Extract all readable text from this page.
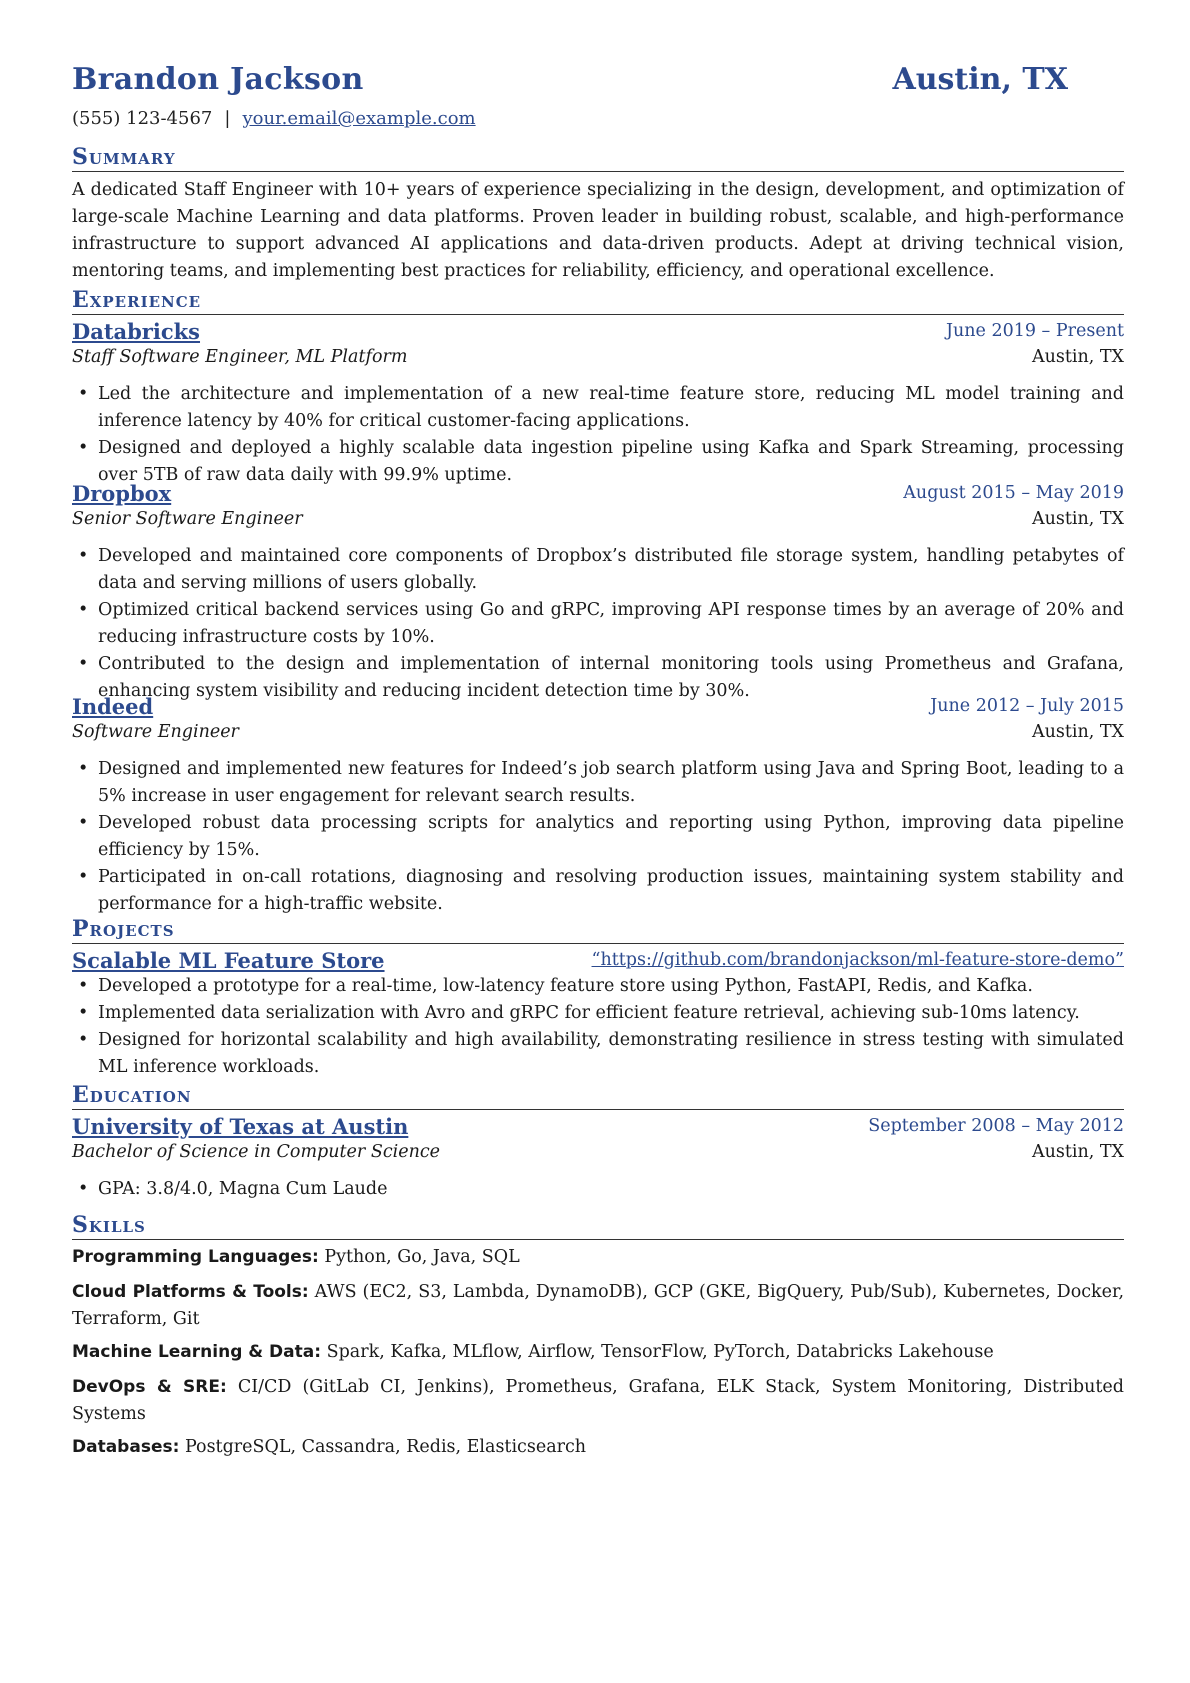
Brandon Jackson	Austin, TX
(555) 123-4567 | your.email@example.com
Summary
A dedicated Staff Engineer with 10+ years of experience specializing in the design, development, and optimization of large-scale Machine Learning and data platforms. Proven leader in building robust, scalable, and high-performance infrastructure to support advanced AI applications and data-driven products. Adept at driving technical vision, mentoring teams, and implementing best practices for reliability, efficiency, and operational excellence.
Experience
Databricks	June 2019 – Present
Staff Software Engineer, ML Platform	Austin, TX
• Led the architecture and implementation of a new real-time feature store, reducing ML model training and inference latency by 40% for critical customer-facing applications.
• Designed and deployed a highly scalable data ingestion pipeline using Kafka and Spark Streaming, processing over 5TB of raw data daily with 99.9% uptime.
Dropbox	August 2015 – May 2019
Senior Software Engineer	Austin, TX
• Developed and maintained core components of Dropbox’s distributed file storage system, handling petabytes of data and serving millions of users globally.
• Optimized critical backend services using Go and gRPC, improving API response times by an average of 20% and reducing infrastructure costs by 10%.
• Contributed to the design and implementation of internal monitoring tools using Prometheus and Grafana, enhancing system visibility and reducing incident detection time by 30%.
Indeed	June 2012 – July 2015
Software Engineer	Austin, TX
• Designed and implemented new features for Indeed’s job search platform using Java and Spring Boot, leading to a 5% increase in user engagement for relevant search results.
• Developed robust data processing scripts for analytics and reporting using Python, improving data pipeline efficiency by 15%.
• Participated in on-call rotations, diagnosing and resolving production issues, maintaining system stability and performance for a high-traffic website.
Projects
Scalable ML Feature Store	“https://github.com/brandonjackson/ml-feature-store-demo”
• Developed a prototype for a real-time, low-latency feature store using Python, FastAPI, Redis, and Kafka.
• Implemented data serialization with Avro and gRPC for efficient feature retrieval, achieving sub-10ms latency.
• Designed for horizontal scalability and high availability, demonstrating resilience in stress testing with simulated ML inference workloads.
Education
University of Texas at Austin	September 2008 – May 2012
Bachelor of Science in Computer Science	Austin, TX
• GPA: 3.8/4.0, Magna Cum Laude
Skills
Programming Languages: Python, Go, Java, SQL
Cloud Platforms & Tools: AWS (EC2, S3, Lambda, DynamoDB), GCP (GKE, BigQuery, Pub/Sub), Kubernetes, Docker, Terraform, Git
Machine Learning & Data: Spark, Kafka, MLflow, Airflow, TensorFlow, PyTorch, Databricks Lakehouse
DevOps & SRE: CI/CD (GitLab CI, Jenkins), Prometheus, Grafana, ELK Stack, System Monitoring, Distributed Systems
Databases: PostgreSQL, Cassandra, Redis, Elasticsearch
